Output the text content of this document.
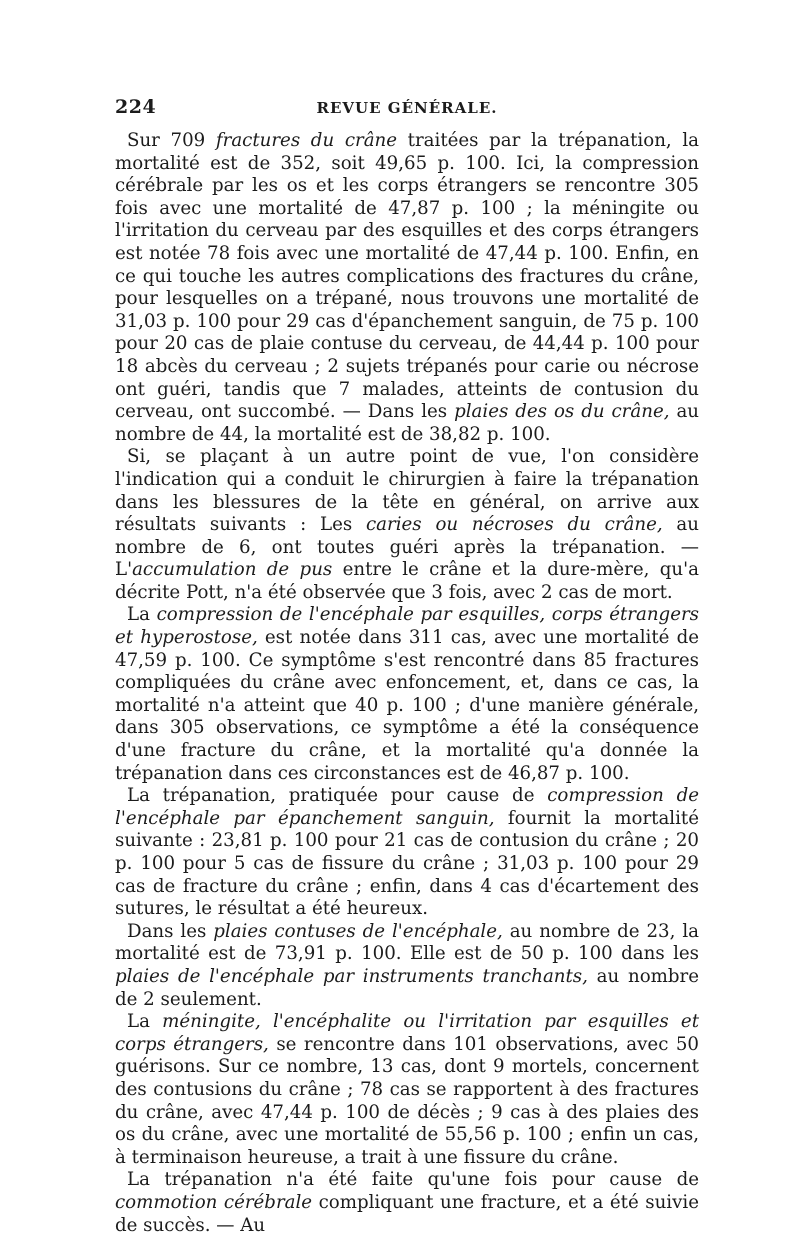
224	REVUE GÉNÉRALE.

Sur 709 fractures du crâne traitées par la trépanation, la mortalité est de 352, soit 49,65 p. 100. Ici, la compression cérébrale par les os et les corps étrangers se rencontre 305 fois avec une mortalité de 47,87 p. 100 ; la méningite ou l'irritation du cerveau par des esquilles et des corps étrangers est notée 78 fois avec une mortalité de 47,44 p. 100. Enfin, en ce qui touche les autres complications des fractures du crâne, pour lesquelles on a trépané, nous trouvons une mortalité de 31,03 p. 100 pour 29 cas d'épanchement sanguin, de 75 p. 100 pour 20 cas de plaie contuse du cerveau, de 44,44 p. 100 pour 18 abcès du cerveau ; 2 sujets trépanés pour carie ou nécrose ont guéri, tandis que 7 malades, atteints de contusion du cerveau, ont succombé. — Dans les plaies des os du crâne, au nombre de 44, la mortalité est de 38,82 p. 100.

Si, se plaçant à un autre point de vue, l'on considère l'indication qui a conduit le chirurgien à faire la trépanation dans les blessures de la tête en général, on arrive aux résultats suivants : Les caries ou nécroses du crâne, au nombre de 6, ont toutes guéri après la trépanation. — L'accumulation de pus entre le crâne et la dure-mère, qu'a décrite Pott, n'a été observée que 3 fois, avec 2 cas de mort.

La compression de l'encéphale par esquilles, corps étrangers et hyperostose, est notée dans 311 cas, avec une mortalité de 47,59 p. 100. Ce symptôme s'est rencontré dans 85 fractures compliquées du crâne avec enfoncement, et, dans ce cas, la mortalité n'a atteint que 40 p. 100 ; d'une manière générale, dans 305 observations, ce symptôme a été la conséquence d'une fracture du crâne, et la mortalité qu'a donnée la trépanation dans ces circonstances est de 46,87 p. 100.

La trépanation, pratiquée pour cause de compression de l'encéphale par épanchement sanguin, fournit la mortalité suivante : 23,81 p. 100 pour 21 cas de contusion du crâne ; 20 p. 100 pour 5 cas de fissure du crâne ; 31,03 p. 100 pour 29 cas de fracture du crâne ; enfin, dans 4 cas d'écartement des sutures, le résultat a été heureux.

Dans les plaies contuses de l'encéphale, au nombre de 23, la mortalité est de 73,91 p. 100. Elle est de 50 p. 100 dans les plaies de l'encéphale par instruments tranchants, au nombre de 2 seulement.

La méningite, l'encéphalite ou l'irritation par esquilles et corps étrangers, se rencontre dans 101 observations, avec 50 guérisons. Sur ce nombre, 13 cas, dont 9 mortels, concernent des contusions du crâne ; 78 cas se rapportent à des fractures du crâne, avec 47,44 p. 100 de décès ; 9 cas à des plaies des os du crâne, avec une mortalité de 55,56 p. 100 ; enfin un cas, à terminaison heureuse, a trait à une fissure du crâne.

La trépanation n'a été faite qu'une fois pour cause de commotion cérébrale compliquant une fracture, et a été suivie de succès. — Au
